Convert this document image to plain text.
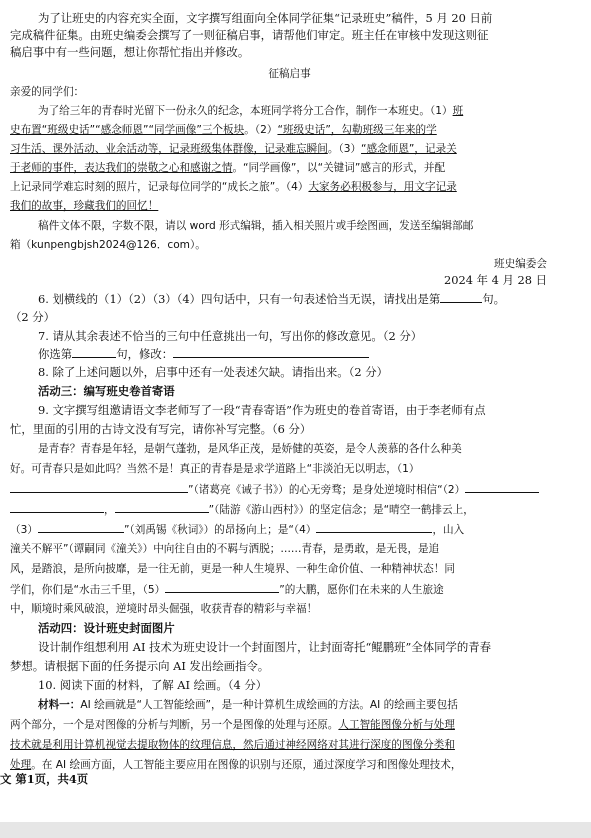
为了让班史的内容充实全面，文字撰写组面向全体同学征集“记录班史”稿件，5 月 20 日前
完成稿件征集。由班史编委会撰写了一则征稿启事，请帮他们审定。班主任在审核中发现这则征
稿启事中有一些问题，想让你帮忙指出并修改。
征稿启事
亲爱的同学们：
为了给三年的青春时光留下一份永久的纪念，本班同学将分工合作，制作一本班史。（1）班
史布置“班级史话”“感念师恩”“同学画像”三个板块。（2）“班级史话”，勾勒班级三年来的学
习生活、课外活动、业余活动等，记录班级集体群像，记录难忘瞬间。（3）“感念师恩”，记录关
于老师的事件，表达我们的崇敬之心和感谢之情。“同学画像”，以“关键词”感言的形式，并配
上记录同学难忘时刻的照片，记录每位同学的“成长之旅”。（4）大家务必积极参与，用文字记录
我们的故事，珍藏我们的回忆！
稿件文体不限，字数不限，请以 word 形式编辑，插入相关照片或手绘图画，发送至编辑部邮
箱（kunpengbjsh2024@126．com）。
班史编委会
2024 年 4 月 28 日
6. 划横线的（1）（2）（3）（4）四句话中，只有一句表述恰当无误，请找出是第	句。
（2 分）
7. 请从其余表述不恰当的三句中任意挑出一句，写出你的修改意见。（2 分）
你选第	句，修改：
8. 除了上述问题以外，启事中还有一处表述欠缺。请指出来。（2 分）
活动三：编写班史卷首寄语
9. 文字撰写组邀请语文李老师写了一段“青春寄语”作为班史的卷首寄语，由于李老师有点
忙，里面的引用的古诗文没有写完，请你补写完整。（6 分）
是青春？青春是年轻，是朝气蓬勃，是风华正茂，是娇健的英姿，是令人羡慕的各什么种美
好。可青春只是如此吗？当然不是！真正的青春是是求学道路上“非淡泊无以明志，（1）
”（诸葛亮《诫子书》）的心无旁骛；是身处逆境时相信“（2）
，	”（陆游《游山西村》）的坚定信念；是“晴空一鹤排云上，
（3）	”（刘禹锡《秋词》）的昂扬向上；是“（4）	，山入
潼关不解平”（谭嗣同《潼关》）中向往自由的不羁与洒脱；……青春，是勇敢，是无畏，是追
风，是踏浪，是所向披靡，是一往无前，更是一种人生境界、一种生命价值、一种精神状态！同
学们，你们是“水击三千里，（5）	”的大鹏，愿你们在未来的人生旅途
中，顺境时乘风破浪，逆境时昂头倔强，收获青春的精彩与幸福！
活动四：设计班史封面图片
设计制作组想利用 AI 技术为班史设计一个封面图片，让封面寄托“鲲鹏班”全体同学的青春
梦想。请根据下面的任务提示向 AI 发出绘画指令。
10. 阅读下面的材料，了解 AI 绘画。（4 分）
材料一：AI 绘画就是“人工智能绘画”，是一种计算机生成绘画的方法。AI 的绘画主要包括
两个部分，一个是对图像的分析与判断，另一个是图像的处理与还原。人工智能图像分析与处理
技术就是利用计算机视觉去提取物体的纹理信息，然后通过神经网络对其进行深度的图像分类和
处理。在 AI 绘画方面，人工智能主要应用在图像的识别与还原，通过深度学习和图像处理技术，
文 第1页，共4页
